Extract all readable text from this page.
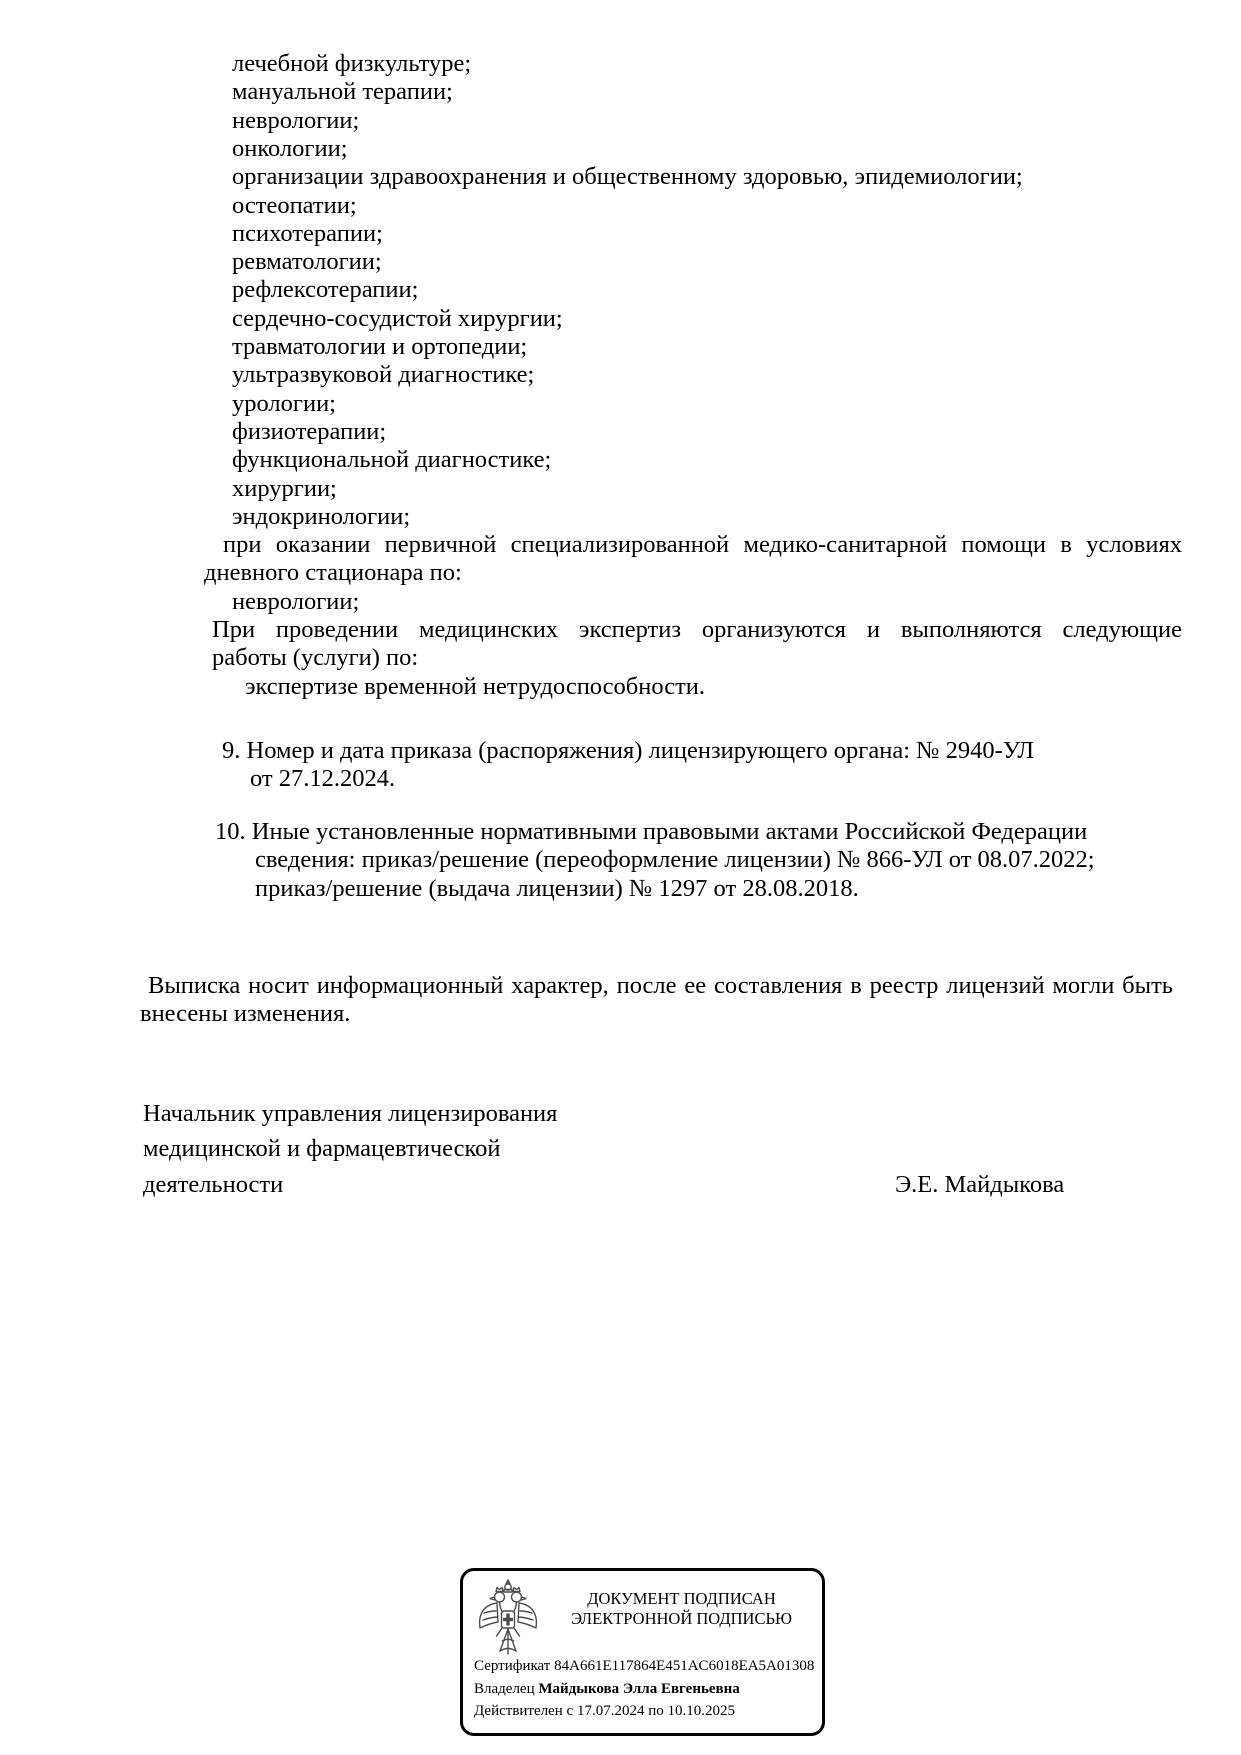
лечебной физкультуре;
мануальной терапии;
неврологии;
онкологии;
организации здравоохранения и общественному здоровью, эпидемиологии;
остеопатии;
психотерапии;
ревматологии;
рефлексотерапии;
сердечно-сосудистой хирургии;
травматологии и ортопедии;
ультразвуковой диагностике;
урологии;
физиотерапии;
функциональной диагностике;
хирургии;
эндокринологии;
при оказании первичной специализированной медико-санитарной помощи в условиях
дневного стационара по:
неврологии;
При проведении медицинских экспертиз организуются и выполняются следующие
работы (услуги) по:
экспертизе временной нетрудоспособности.
9. Номер и дата приказа (распоряжения) лицензирующего органа: № 2940-УЛ
от 27.12.2024.
10. Иные установленные нормативными правовыми актами Российской Федерации
сведения: приказ/решение (переоформление лицензии) № 866-УЛ от 08.07.2022;
приказ/решение (выдача лицензии) № 1297 от 28.08.2018.
Выписка носит информационный характер, после ее составления в реестр лицензий могли быть
внесены изменения.
Начальник управления лицензирования
медицинской и фармацевтической
деятельности	Э.Е. Майдыкова
ДОКУМЕНТ ПОДПИСАН
ЭЛЕКТРОННОЙ ПОДПИСЬЮ
Сертификат 84A661E117864E451AC6018EA5A01308
Владелец Майдыкова Элла Евгеньевна
Действителен с 17.07.2024 по 10.10.2025
